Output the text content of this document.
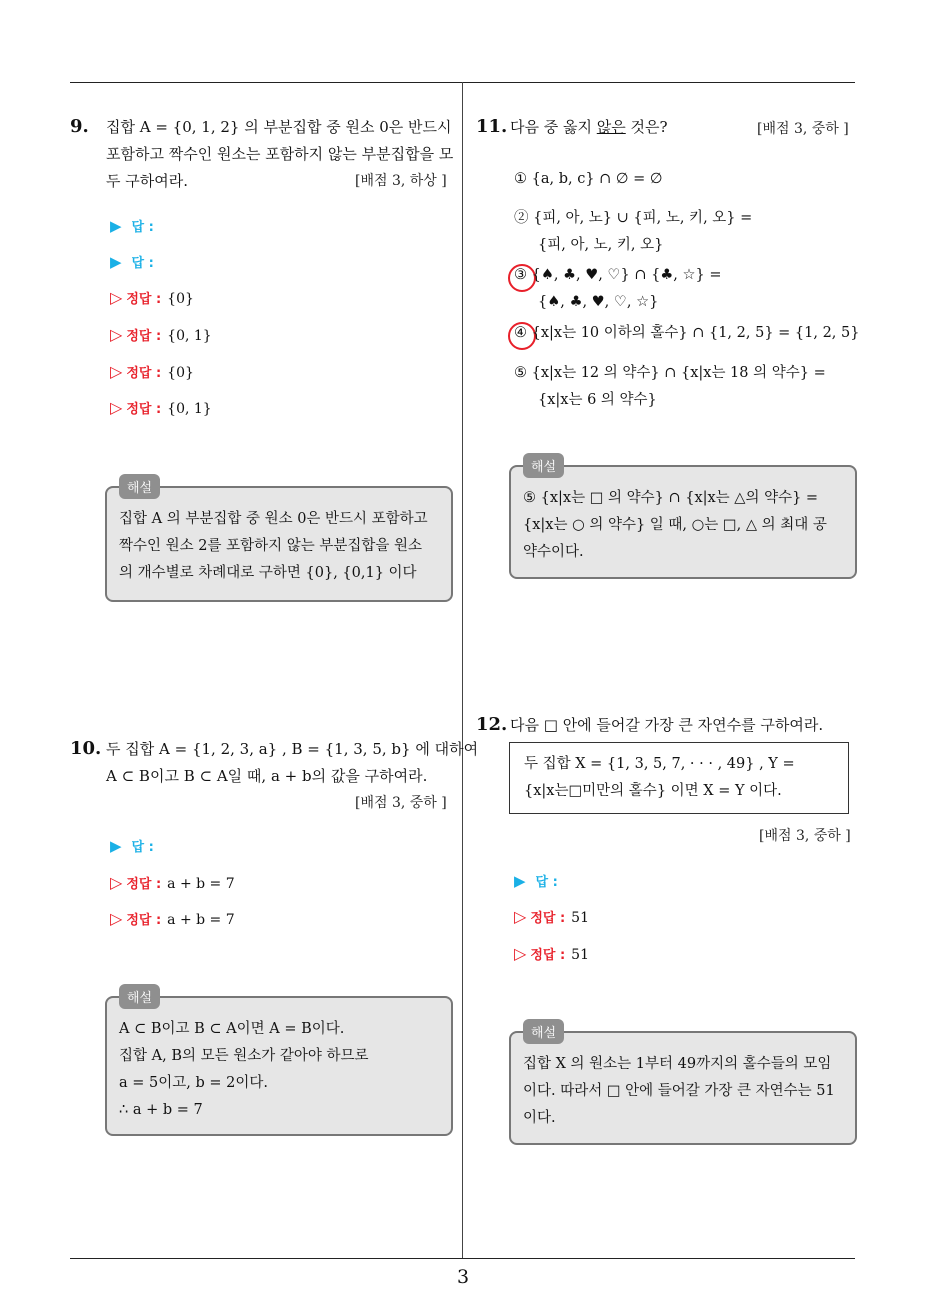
9. 집합 A = {0, 1, 2} 의 부분집합 중 원소 0은 반드시
포함하고 짝수인 원소는 포함하지 않는 부분집합을 모
두 구하여라.	[배점 3, 하상 ]
▶ 답 :
▶ 답 :
▷ 정답 : {0}
▷ 정답 : {0, 1}
▷ 정답 : {0}
▷ 정답 : {0, 1}
해설
집합 A 의 부분집합 중 원소 0은 반드시 포함하고
짝수인 원소 2를 포함하지 않는 부분집합을 원소
의 개수별로 차례대로 구하면 {0}, {0,1} 이다
10. 두 집합 A = {1, 2, 3, a} , B = {1, 3, 5, b} 에 대하여
A ⊂ B이고 B ⊂ A일 때, a + b의 값을 구하여라.
[배점 3, 중하 ]
▶ 답 :
▷ 정답 : a + b = 7
▷ 정답 : a + b = 7
해설
A ⊂ B이고 B ⊂ A이면 A = B이다.
집합 A, B의 모든 원소가 같아야 하므로
a = 5이고, b = 2이다.
∴ a + b = 7
11. 다음 중 옳지 않은 것은?	[배점 3, 중하 ]
① {a, b, c} ∩ ∅ = ∅
② {피, 아, 노} ∪ {피, 노, 키, 오} =
{피, 아, 노, 키, 오}
③ {♠, ♣, ♥, ♡} ∩ {♣, ☆} =
{♠, ♣, ♥, ♡, ☆}
④ {x|x는 10 이하의 홀수} ∩ {1, 2, 5} = {1, 2, 5}
⑤ {x|x는 12 의 약수} ∩ {x|x는 18 의 약수} =
{x|x는 6 의 약수}
해설
⑤ {x|x는 □ 의 약수} ∩ {x|x는 △의 약수} =
{x|x는 ○ 의 약수} 일 때, ○는 □, △ 의 최대 공
약수이다.
12. 다음 □ 안에 들어갈 가장 큰 자연수를 구하여라.
두 집합 X = {1, 3, 5, 7, · · · , 49} , Y =
{x|x는□미만의 홀수} 이면 X = Y 이다.
[배점 3, 중하 ]
▶ 답 :
▷ 정답 : 51
▷ 정답 : 51
해설
집합 X 의 원소는 1부터 49까지의 홀수들의 모임
이다. 따라서 □ 안에 들어갈 가장 큰 자연수는 51
이다.
3
